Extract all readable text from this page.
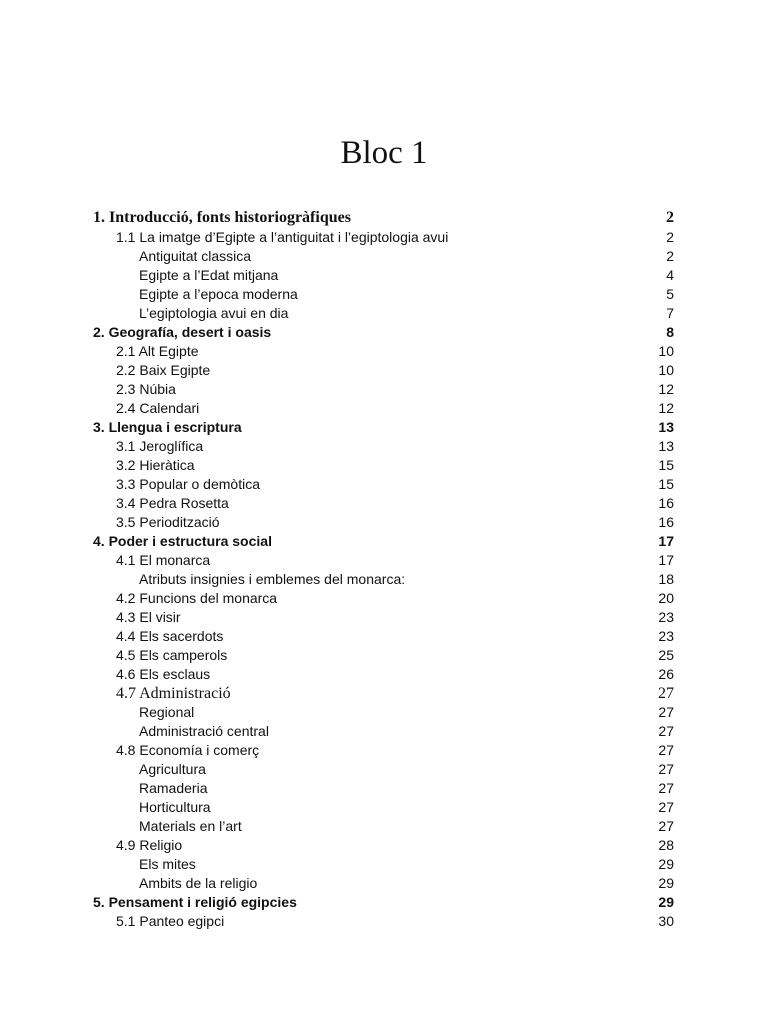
Bloc 1
1. Introducció, fonts historiogràfiques	2
1.1 La imatge d’Egipte a l’antiguitat i l’egiptologia avui	2
Antiguitat classica	2
Egipte a l’Edat mitjana	4
Egipte a l’epoca moderna	5
L’egiptologia avui en dia	7
2. Geografía, desert i oasis	8
2.1 Alt Egipte	10
2.2 Baix Egipte	10
2.3 Núbia	12
2.4 Calendari	12
3. Llengua i escriptura	13
3.1 Jeroglífica	13
3.2 Hieràtica	15
3.3 Popular o demòtica	15
3.4 Pedra Rosetta	16
3.5 Periodització	16
4. Poder i estructura social	17
4.1 El monarca	17
Atributs insignies i emblemes del monarca:	18
4.2 Funcions del monarca	20
4.3 El visir	23
4.4 Els sacerdots	23
4.5 Els camperols	25
4.6 Els esclaus	26
4.7 Administració	27
Regional	27
Administració central	27
4.8 Economía i comerç	27
Agricultura	27
Ramaderia	27
Horticultura	27
Materials en l’art	27
4.9 Religio	28
Els mites	29
Ambits de la religio	29
5. Pensament i religió egipcies	29
5.1 Panteo egipci	30
